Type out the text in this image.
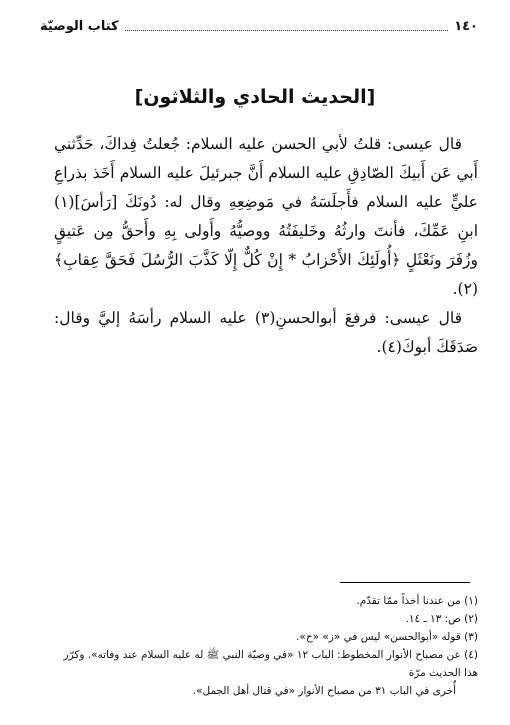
١٤٠
كتاب الوصيّة
[الحديث الحادي والثلاثون]

قال عيسى: قلتُ لأبي الحسن عليه السلام: جُعلتُ فِداكَ، حَدِّثني أَبي عَن أَبيكَ الصّادِقِ عليه السلام أَنَّ جبرئيلَ عليه السلام أَخَذ بذراعِ عليٍّ عليه السلام فأَجلَسَهُ في مَوضِعِهِ وقال له: دُونَكَ [رَأسَ](١) ابنِ عَمِّكَ، فأنتَ وارثُهُ وخَليفَتُهُ ووصيُّهُ وأَولى بِهِ وأَحقُّ مِن عَتيقٍ وزُفَرَ ونَعْثَلٍ ﴿أُولَئِكَ الأَحْزابُ * إِنْ كُلٌّ إِلّا كَذَّبَ الرُّسُلَ فَحَقَّ عِقابِ﴾(٢).

قال عيسى: فرفعَ أبوالحسنِ(٣) عليه السلام رأسَهُ إليَّ وقال: صَدَقَكَ أبوكَ(٤).

(١) من عندنا أخذاً ممّا تقدّم.

(٢) ص: ١٣ ـ ١٤.

(٣) قوله «أبوالحسن» ليس في «ز» «ح».

(٤) عن مصباح الأنوار المخطوط: الباب ١٢ «في وصيّة النبي ﷺ له عليه السلام عند وفاته». وكرّر هذا الحديث مرّة

أُخرى في الباب ٣١ من مصباح الأنوار «في قتال أهل الجمل».
